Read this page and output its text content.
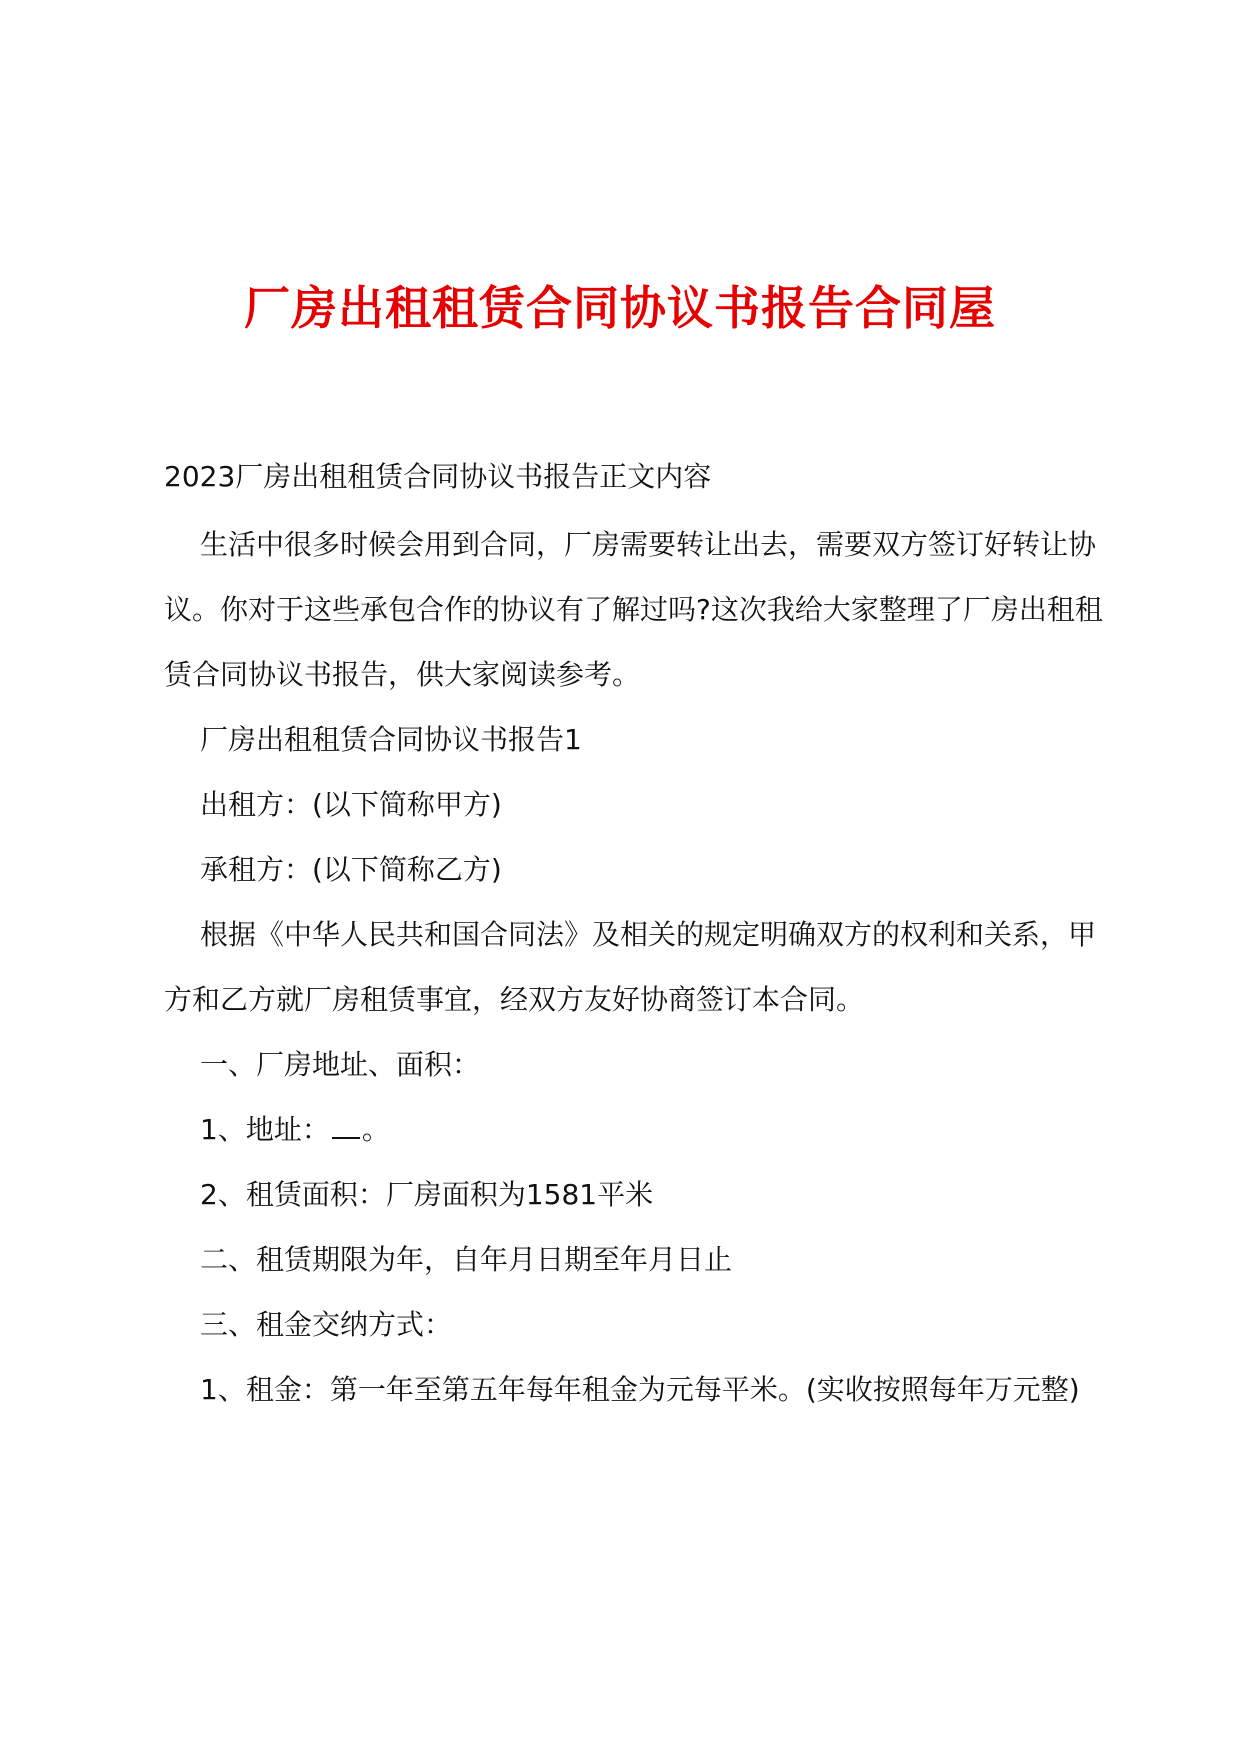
厂房出租租赁合同协议书报告合同屋

2023厂房出租租赁合同协议书报告正文内容

生活中很多时候会用到合同，厂房需要转让出去，需要双方签订好转让协议。你对于这些承包合作的协议有了解过吗?这次我给大家整理了厂房出租租赁合同协议书报告，供大家阅读参考。

厂房出租租赁合同协议书报告1

出租方：(以下简称甲方)

承租方：(以下简称乙方)

根据《中华人民共和国合同法》及相关的规定明确双方的权利和关系，甲方和乙方就厂房租赁事宜，经双方友好协商签订本合同。

一、厂房地址、面积：

1、地址： 。

2、租赁面积：厂房面积为1581平米

二、租赁期限为年，自年月日期至年月日止

三、租金交纳方式：

1、租金：第一年至第五年每年租金为元每平米。(实收按照每年万元整)
